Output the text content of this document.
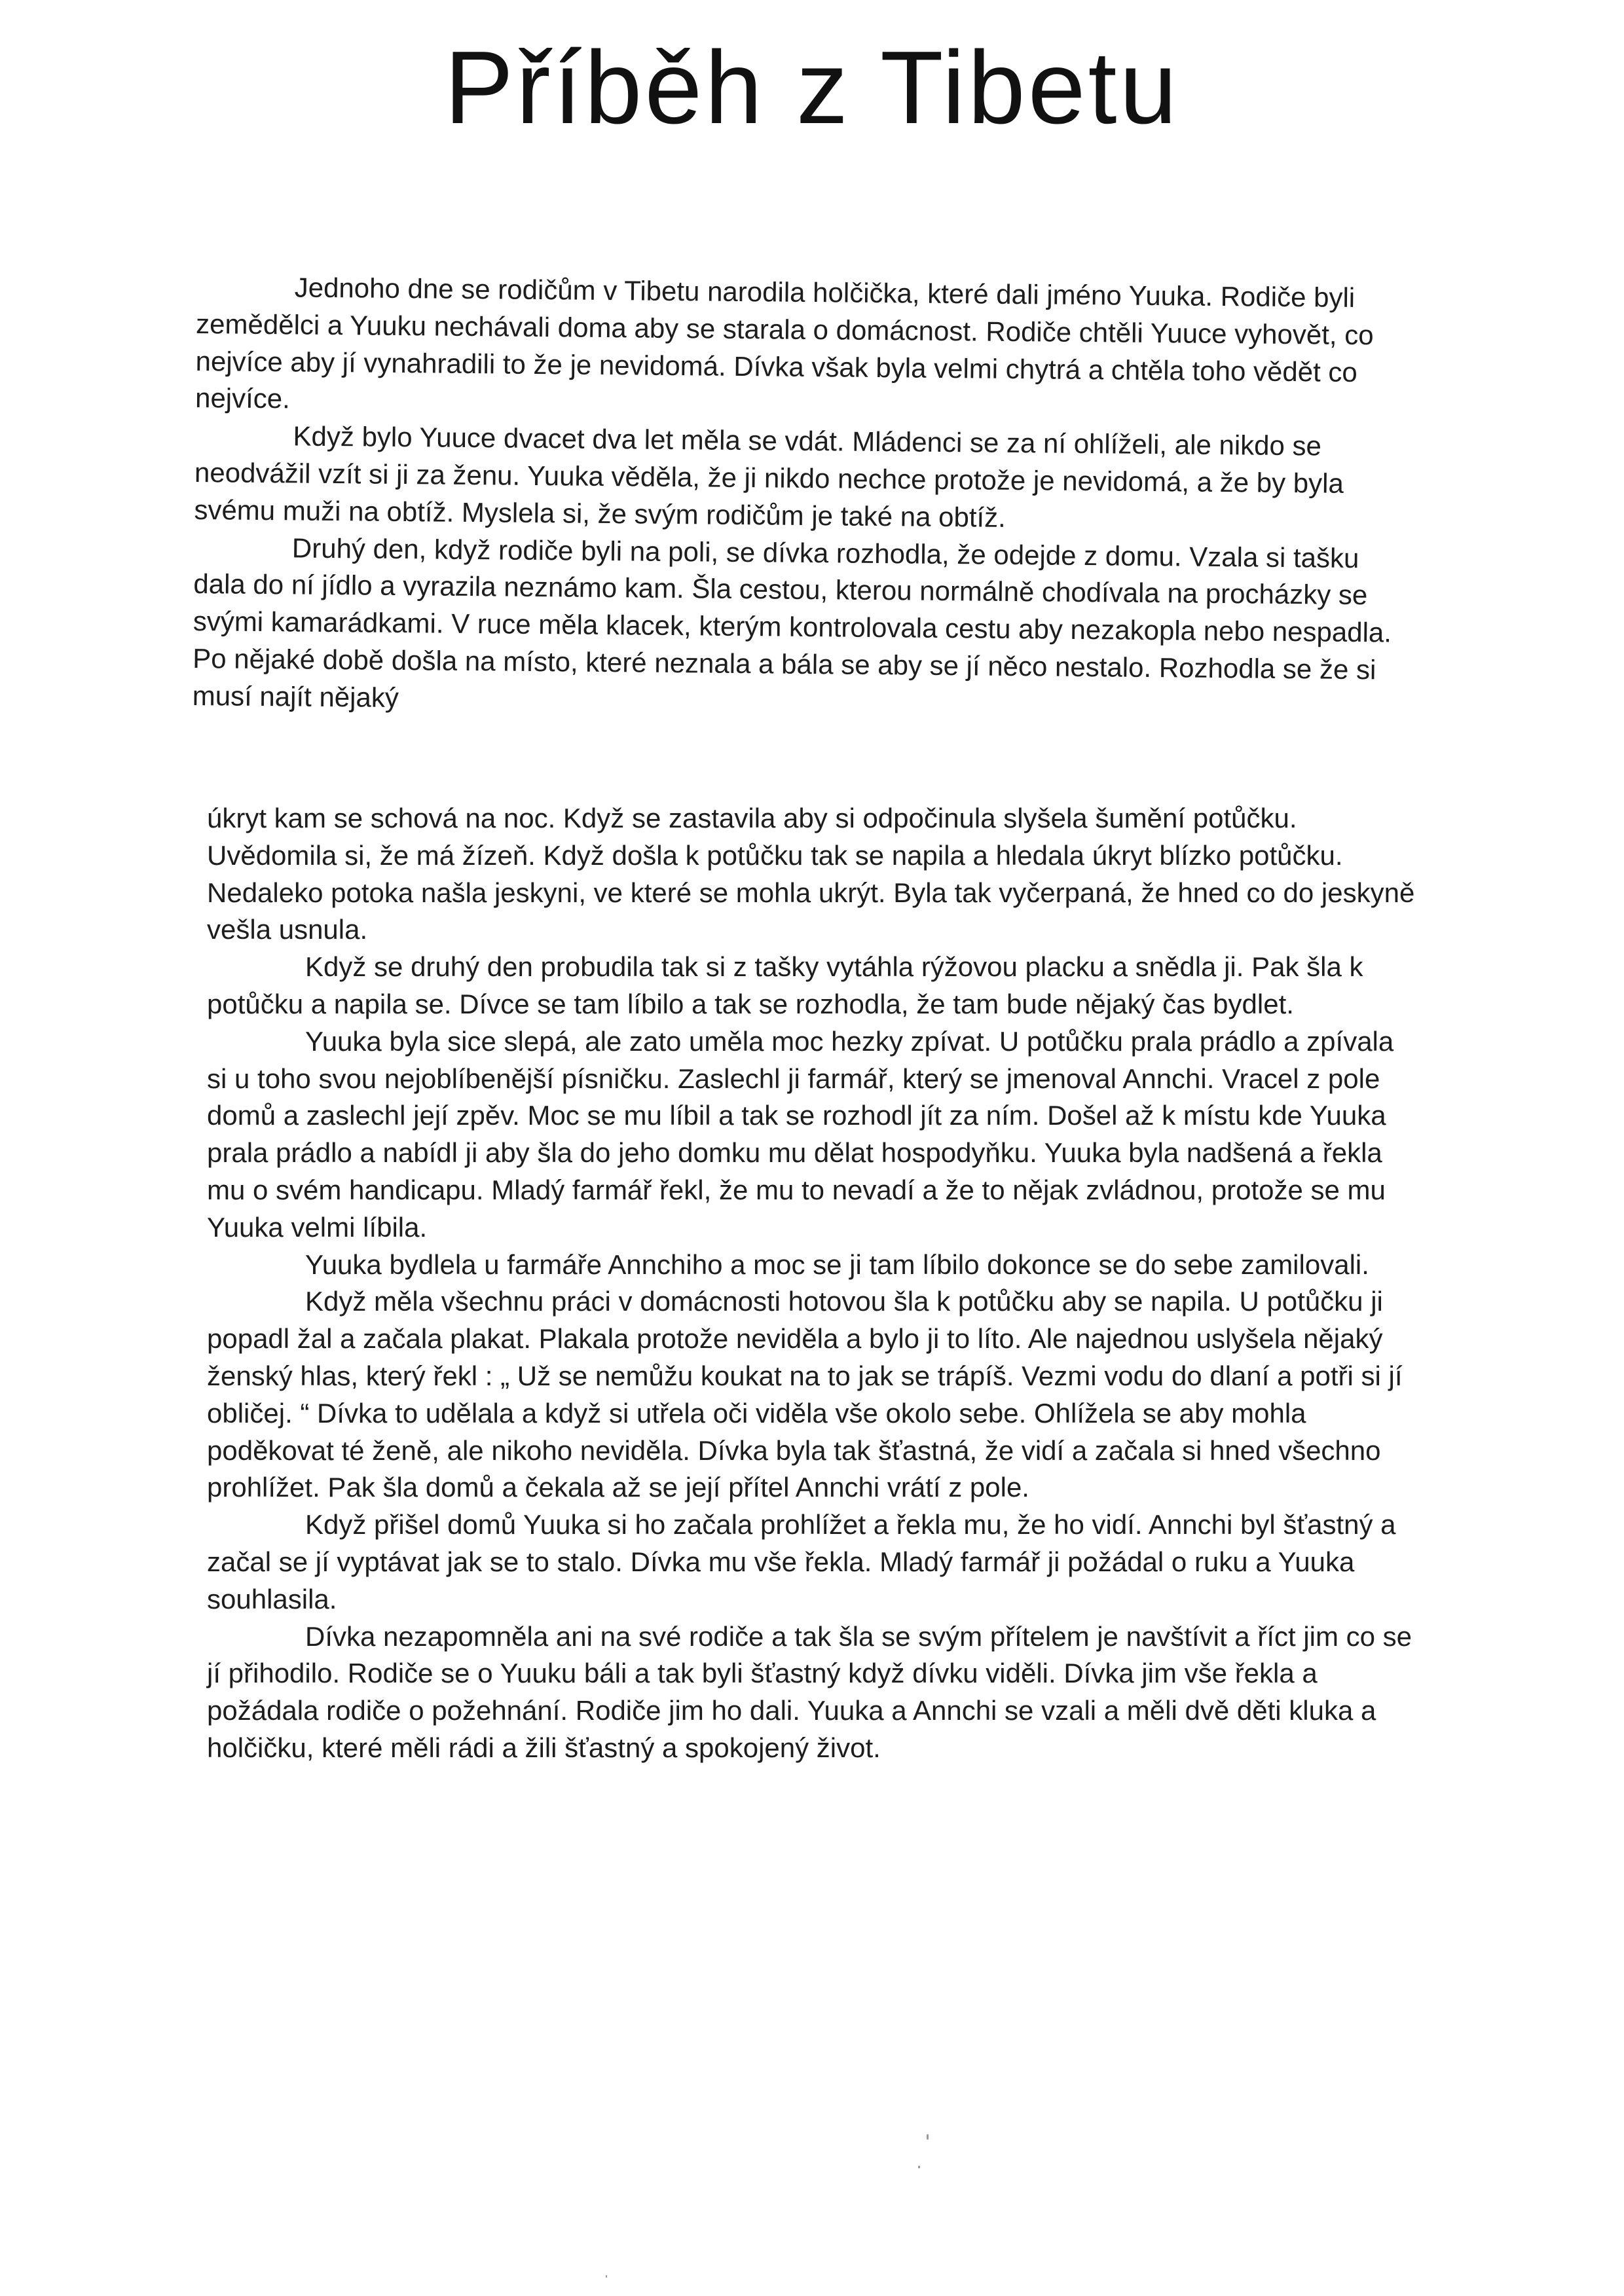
Příběh z Tibetu

Jednoho dne se rodičům v Tibetu narodila holčička, které dali jméno Yuuka. Rodiče byli zemědělci a Yuuku nechávali doma aby se starala o domácnost. Rodiče chtěli Yuuce vyhovět, co nejvíce aby jí vynahradili to že je nevidomá. Dívka však byla velmi chytrá a chtěla toho vědět co nejvíce.

Když bylo Yuuce dvacet dva let měla se vdát. Mládenci se za ní ohlíželi, ale nikdo se neodvážil vzít si ji za ženu. Yuuka věděla, že ji nikdo nechce protože je nevidomá, a že by byla svému muži na obtíž. Myslela si, že svým rodičům je také na obtíž.

Druhý den, když rodiče byli na poli, se dívka rozhodla, že odejde z domu. Vzala si tašku dala do ní jídlo a vyrazila neznámo kam. Šla cestou, kterou normálně chodívala na procházky se svými kamarádkami. V ruce měla klacek, kterým kontrolovala cestu aby nezakopla nebo nespadla. Po nějaké době došla na místo, které neznala a bála se aby se jí něco nestalo. Rozhodla se že si musí najít nějaký

úkryt kam se schová na noc. Když se zastavila aby si odpočinula slyšela šumění potůčku. Uvědomila si, že má žízeň. Když došla k potůčku tak se napila a hledala úkryt blízko potůčku. Nedaleko potoka našla jeskyni, ve které se mohla ukrýt. Byla tak vyčerpaná, že hned co do jeskyně vešla usnula.

Když se druhý den probudila tak si z tašky vytáhla rýžovou placku a snědla ji. Pak šla k potůčku a napila se. Dívce se tam líbilo a tak se rozhodla, že tam bude nějaký čas bydlet.

Yuuka byla sice slepá, ale zato uměla moc hezky zpívat. U potůčku prala prádlo a zpívala si u toho svou nejoblíbenější písničku. Zaslechl ji farmář, který se jmenoval Annchi. Vracel z pole domů a zaslechl její zpěv. Moc se mu líbil a tak se rozhodl jít za ním. Došel až k místu kde Yuuka prala prádlo a nabídl ji aby šla do jeho domku mu dělat hospodyňku. Yuuka byla nadšená a řekla mu o svém handicapu. Mladý farmář řekl, že mu to nevadí a že to nějak zvládnou, protože se mu Yuuka velmi líbila.

Yuuka bydlela u farmáře Annchiho a moc se ji tam líbilo dokonce se do sebe zamilovali.

Když měla všechnu práci v domácnosti hotovou šla k potůčku aby se napila. U potůčku ji popadl žal a začala plakat. Plakala protože neviděla a bylo ji to líto. Ale najednou uslyšela nějaký ženský hlas, který řekl : „ Už se nemůžu koukat na to jak se trápíš. Vezmi vodu do dlaní a potři si jí obličej. “ Dívka to udělala a když si utřela oči viděla vše okolo sebe. Ohlížela se aby mohla poděkovat té ženě, ale nikoho neviděla. Dívka byla tak šťastná, že vidí a začala si hned všechno prohlížet. Pak šla domů a čekala až se její přítel Annchi vrátí z pole.

Když přišel domů Yuuka si ho začala prohlížet a řekla mu, že ho vidí. Annchi byl šťastný a začal se jí vyptávat jak se to stalo. Dívka mu vše řekla. Mladý farmář ji požádal o ruku a Yuuka souhlasila.

Dívka nezapomněla ani na své rodiče a tak šla se svým přítelem je navštívit a říct jim co se jí přihodilo. Rodiče se o Yuuku báli a tak byli šťastný když dívku viděli. Dívka jim vše řekla a požádala rodiče o požehnání. Rodiče jim ho dali. Yuuka a Annchi se vzali a měli dvě děti kluka a holčičku, které měli rádi a žili šťastný a spokojený život.
